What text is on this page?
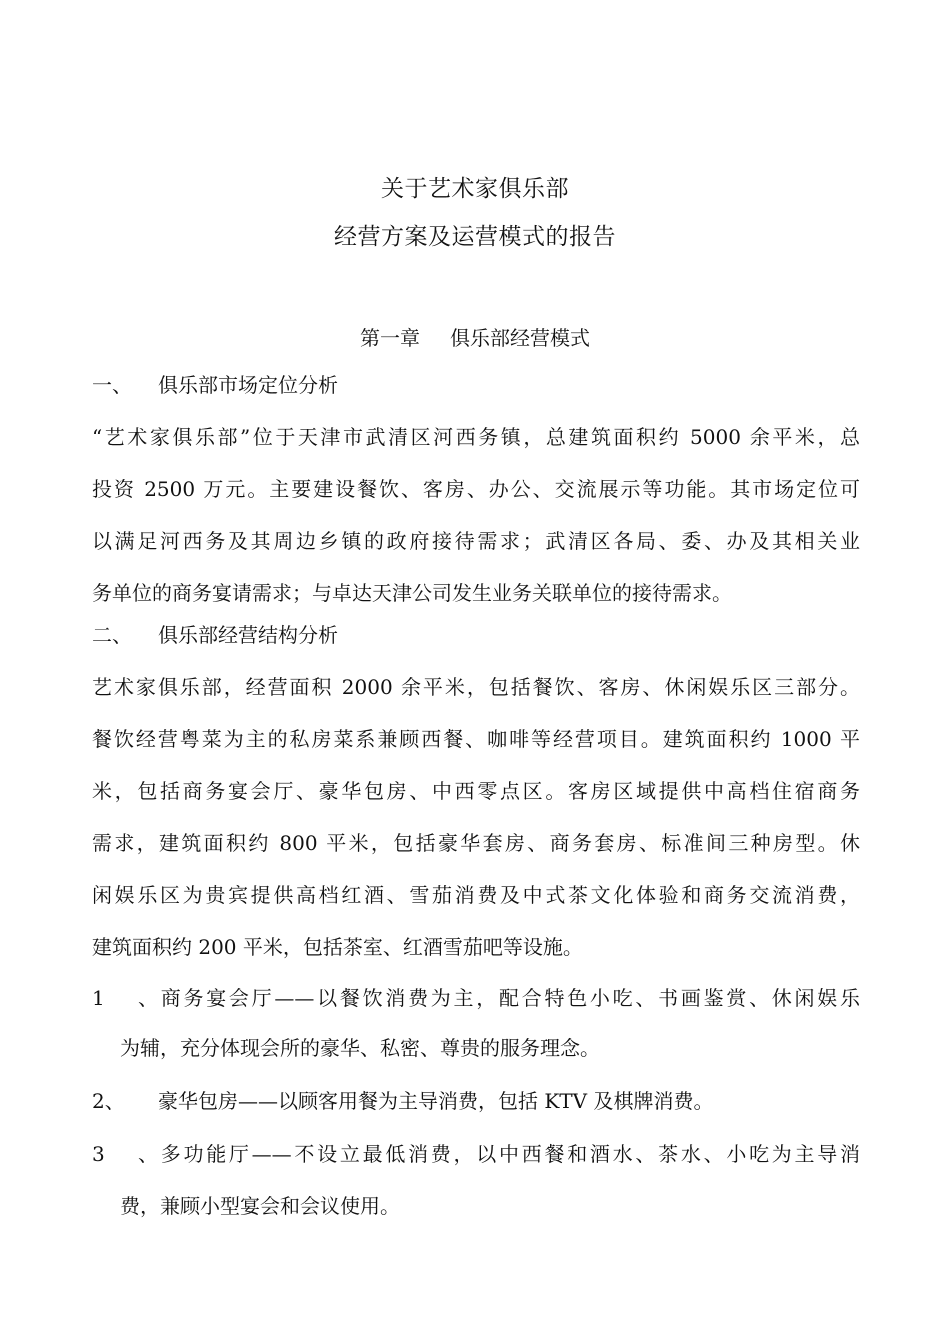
关于艺术家俱乐部
经营方案及运营模式的报告
第一章 俱乐部经营模式
一、 俱乐部市场定位分析
“艺术家俱乐部”位于天津市武清区河西务镇，总建筑面积约 5000 余平米，总
投资 2500 万元。主要建设餐饮、客房、办公、交流展示等功能。其市场定位可
以满足河西务及其周边乡镇的政府接待需求；武清区各局、委、办及其相关业
务单位的商务宴请需求；与卓达天津公司发生业务关联单位的接待需求。
二、 俱乐部经营结构分析
艺术家俱乐部，经营面积 2000 余平米，包括餐饮、客房、休闲娱乐区三部分。
餐饮经营粤菜为主的私房菜系兼顾西餐、咖啡等经营项目。建筑面积约 1000 平
米，包括商务宴会厅、豪华包房、中西零点区。客房区域提供中高档住宿商务
需求，建筑面积约 800 平米，包括豪华套房、商务套房、标准间三种房型。休
闲娱乐区为贵宾提供高档红酒、雪茄消费及中式茶文化体验和商务交流消费，
建筑面积约 200 平米，包括茶室、红酒雪茄吧等设施。
1、商务宴会厅——以餐饮消费为主，配合特色小吃、书画鉴赏、休闲娱乐
为辅，充分体现会所的豪华、私密、尊贵的服务理念。
2、 豪华包房——以顾客用餐为主导消费，包括 KTV 及棋牌消费。
3、多功能厅——不设立最低消费，以中西餐和酒水、茶水、小吃为主导消
费，兼顾小型宴会和会议使用。
